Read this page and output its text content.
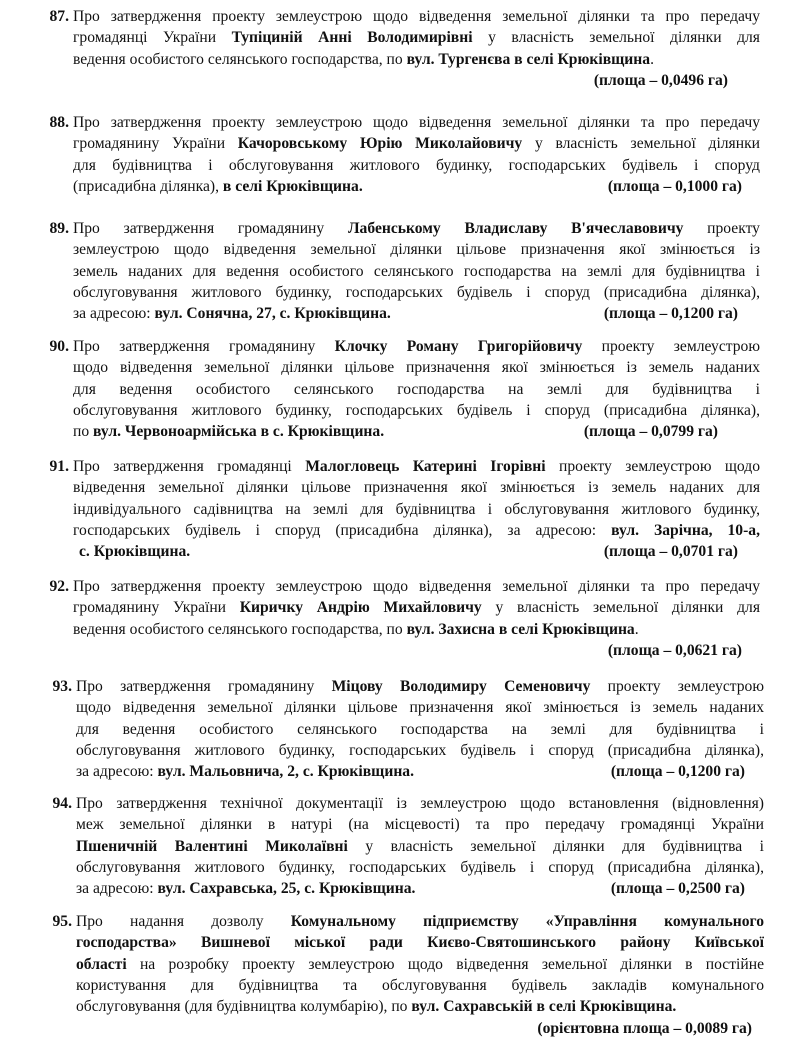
87. Про затвердження проекту землеустрою щодо відведення земельної ділянки та про передачу
громадянці України Тупіциній Анні Володимирівні у власність земельної ділянки для
ведення особистого селянського господарства, по вул. Тургенєва в селі Крюківщина.
(площа – 0,0496 га)
88. Про затвердження проекту землеустрою щодо відведення земельної ділянки та про передачу
громадянину України Качоровському Юрію Миколайовичу у власність земельної ділянки
для будівництва і обслуговування житлового будинку, господарських будівель і споруд
(присадибна ділянка), в селі Крюківщина.	(площа – 0,1000 га)
89. Про затвердження громадянину Лабенському Владиславу В'ячеславовичу проекту
землеустрою щодо відведення земельної ділянки цільове призначення якої змінюється із
земель наданих для ведення особистого селянського господарства на землі для будівництва і
обслуговування житлового будинку, господарських будівель і споруд (присадибна ділянка),
за адресою: вул. Сонячна, 27, с. Крюківщина.	(площа – 0,1200 га)
90. Про затвердження громадянину Клочку Роману Григорійовичу проекту землеустрою
щодо відведення земельної ділянки цільове призначення якої змінюється із земель наданих
для ведення особистого селянського господарства на землі для будівництва і
обслуговування житлового будинку, господарських будівель і споруд (присадибна ділянка),
по вул. Червоноармійська в с. Крюківщина.	(площа – 0,0799 га)
91. Про затвердження громадянці Малогловець Катерині Ігорівні проекту землеустрою щодо
відведення земельної ділянки цільове призначення якої змінюється із земель наданих для
індивідуального садівництва на землі для будівництва і обслуговування житлового будинку,
господарських будівель і споруд (присадибна ділянка), за адресою: вул. Зарічна, 10-а,
с. Крюківщина.	(площа – 0,0701 га)
92. Про затвердження проекту землеустрою щодо відведення земельної ділянки та про передачу
громадянину України Киричку Андрію Михайловичу у власність земельної ділянки для
ведення особистого селянського господарства, по вул. Захисна в селі Крюківщина.
(площа – 0,0621 га)
93. Про затвердження громадянину Міцову Володимиру Семеновичу проекту землеустрою
щодо відведення земельної ділянки цільове призначення якої змінюється із земель наданих
для ведення особистого селянського господарства на землі для будівництва і
обслуговування житлового будинку, господарських будівель і споруд (присадибна ділянка),
за адресою: вул. Мальовнича, 2, с. Крюківщина.	(площа – 0,1200 га)
94. Про затвердження технічної документації із землеустрою щодо встановлення (відновлення)
меж земельної ділянки в натурі (на місцевості) та про передачу громадянці України
Пшеничній Валентині Миколаївні у власність земельної ділянки для будівництва і
обслуговування житлового будинку, господарських будівель і споруд (присадибна ділянка),
за адресою: вул. Сахравська, 25, с. Крюківщина.	(площа – 0,2500 га)
95. Про надання дозволу Комунальному підприємству «Управління комунального
господарства» Вишневої міської ради Києво-Святошинського району Київської
області на розробку проекту землеустрою щодо відведення земельної ділянки в постійне
користування для будівництва та обслуговування будівель закладів комунального
обслуговування (для будівництва колумбарію), по вул. Сахравській в селі Крюківщина.
(орієнтовна площа – 0,0089 га)
